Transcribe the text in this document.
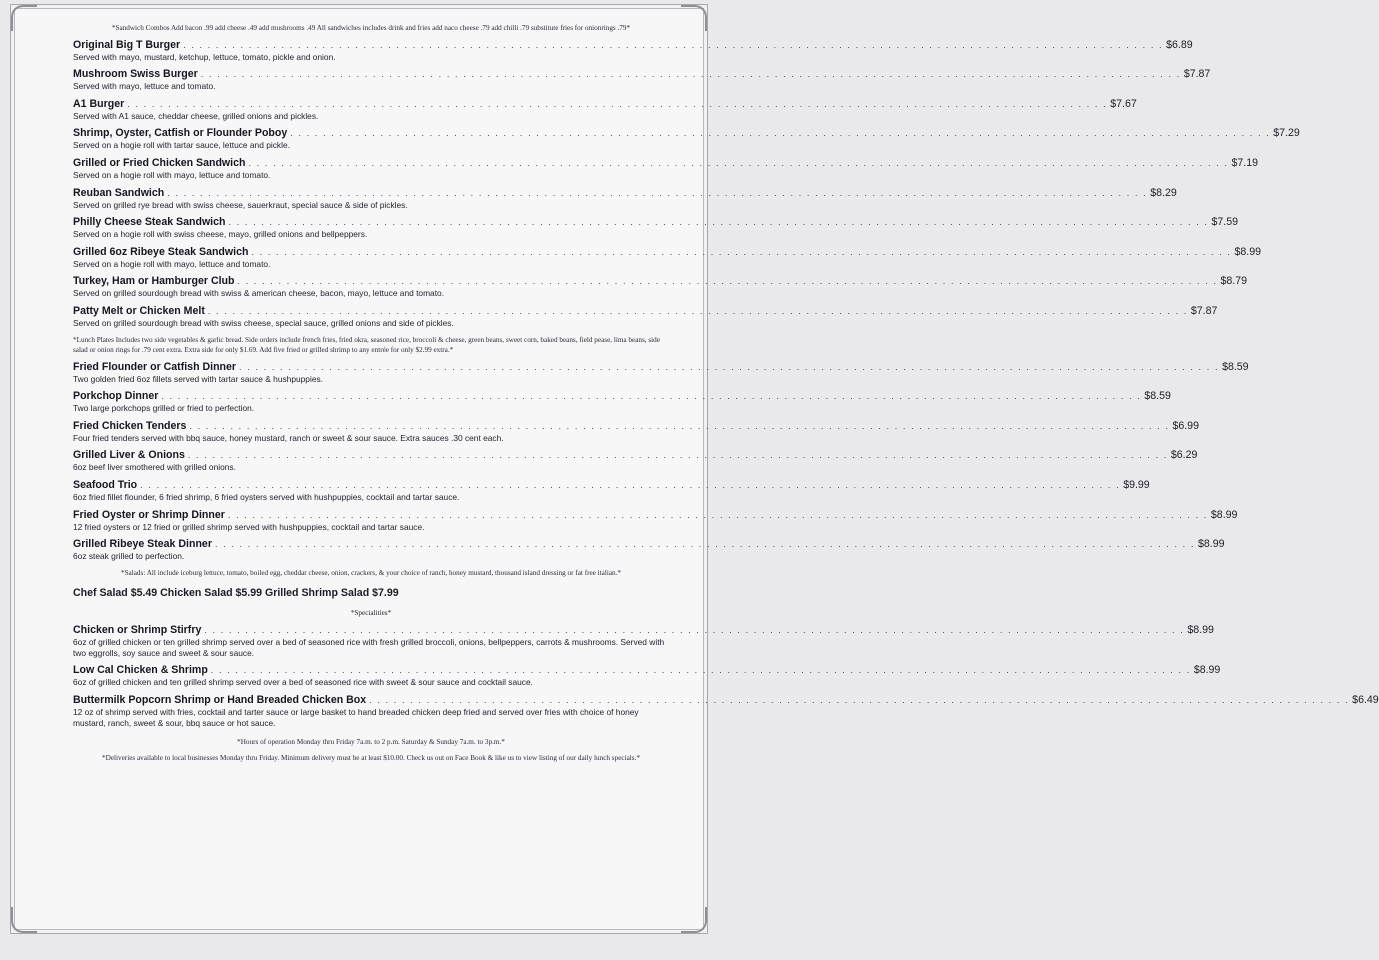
*Sandwich Combos Add bacon .99 add cheese .49 add mushrooms .49 All sandwiches includes drink and fries add naco cheese .79 add chilli .79 substitute fries for onionrings .79*

Original Big T Burger . . . . . . . . . . . . . . . . . . . . . . . . . . . . . . . . . . . . . . . . . . . . . . . . . . . . . . . . . . . . . . . . . . . . . . . . . . . . . . . . . . . . . . . . . . . . . . . . . . . . . . . . . . . . . . . . . . . . . . . . $6.89
Served with mayo, mustard, ketchup, lettuce, tomato, pickle and onion.
Mushroom Swiss Burger . . . . . . . . . . . . . . . . . . . . . . . . . . . . . . . . . . . . . . . . . . . . . . . . . . . . . . . . . . . . . . . . . . . . . . . . . . . . . . . . . . . . . . . . . . . . . . . . . . . . . . . . . . . . . . . . . . . . . . . . $7.87
Served with mayo, lettuce and tomato.
A1 Burger . . . . . . . . . . . . . . . . . . . . . . . . . . . . . . . . . . . . . . . . . . . . . . . . . . . . . . . . . . . . . . . . . . . . . . . . . . . . . . . . . . . . . . . . . . . . . . . . . . . . . . . . . . . . . . . . . . . . . . . . $7.67
Served with A1 sauce, cheddar cheese, grilled onions and pickles.
Shrimp, Oyster, Catfish or Flounder Poboy . . . . . . . . . . . . . . . . . . . . . . . . . . . . . . . . . . . . . . . . . . . . . . . . . . . . . . . . . . . . . . . . . . . . . . . . . . . . . . . . . . . . . . . . . . . . . . . . . . . . . . . . . . . . . . . . . . . . . . . . $7.29
Served on a hogie roll with tartar sauce, lettuce and pickle.
Grilled or Fried Chicken Sandwich . . . . . . . . . . . . . . . . . . . . . . . . . . . . . . . . . . . . . . . . . . . . . . . . . . . . . . . . . . . . . . . . . . . . . . . . . . . . . . . . . . . . . . . . . . . . . . . . . . . . . . . . . . . . . . . . . . . . . . . . $7.19
Served on a hogie roll with mayo, lettuce and tomato.
Reuban Sandwich . . . . . . . . . . . . . . . . . . . . . . . . . . . . . . . . . . . . . . . . . . . . . . . . . . . . . . . . . . . . . . . . . . . . . . . . . . . . . . . . . . . . . . . . . . . . . . . . . . . . . . . . . . . . . . . . . . . . . . . . $8.29
Served on grilled rye bread with swiss cheese, sauerkraut, special sauce & side of pickles.
Philly Cheese Steak Sandwich . . . . . . . . . . . . . . . . . . . . . . . . . . . . . . . . . . . . . . . . . . . . . . . . . . . . . . . . . . . . . . . . . . . . . . . . . . . . . . . . . . . . . . . . . . . . . . . . . . . . . . . . . . . . . . . . . . . . . . . . $7.59
Served on a hogie roll with swiss cheese, mayo, grilled onions and bellpeppers.
Grilled 6oz Ribeye Steak Sandwich . . . . . . . . . . . . . . . . . . . . . . . . . . . . . . . . . . . . . . . . . . . . . . . . . . . . . . . . . . . . . . . . . . . . . . . . . . . . . . . . . . . . . . . . . . . . . . . . . . . . . . . . . . . . . . . . . . . . . . . . $8.99
Served on a hogie roll with mayo, lettuce and tomato.
Turkey, Ham or Hamburger Club . . . . . . . . . . . . . . . . . . . . . . . . . . . . . . . . . . . . . . . . . . . . . . . . . . . . . . . . . . . . . . . . . . . . . . . . . . . . . . . . . . . . . . . . . . . . . . . . . . . . . . . . . . . . . . . . . . . . . . . . $8.79
Served on grilled sourdough bread with swiss & american cheese, bacon, mayo, lettuce and tomato.
Patty Melt or Chicken Melt . . . . . . . . . . . . . . . . . . . . . . . . . . . . . . . . . . . . . . . . . . . . . . . . . . . . . . . . . . . . . . . . . . . . . . . . . . . . . . . . . . . . . . . . . . . . . . . . . . . . . . . . . . . . . . . . . . . . . . . . $7.87
Served on grilled sourdough bread with swiss cheese, special sauce, grilled onions and side of pickles.

*Lunch Plates Includes two side vegetables & garlic bread. Side orders include french fries, fried okra, seasoned rice, broccoli & cheese, green beans, sweet corn, baked beans, field pease, lima beans, side salad or onion rings for .79 cent extra. Extra side for only $1.69. Add five fried or grilled shrimp to any entrée for only $2.99 extra.*

Fried Flounder or Catfish Dinner . . . . . . . . . . . . . . . . . . . . . . . . . . . . . . . . . . . . . . . . . . . . . . . . . . . . . . . . . . . . . . . . . . . . . . . . . . . . . . . . . . . . . . . . . . . . . . . . . . . . . . . . . . . . . . . . . . . . . . . . $8.59
Two golden fried 6oz fillets served with tartar sauce & hushpuppies.
Porkchop Dinner . . . . . . . . . . . . . . . . . . . . . . . . . . . . . . . . . . . . . . . . . . . . . . . . . . . . . . . . . . . . . . . . . . . . . . . . . . . . . . . . . . . . . . . . . . . . . . . . . . . . . . . . . . . . . . . . . . . . . . . . $8.59
Two large porkchops grilled or fried to perfection.
Fried Chicken Tenders . . . . . . . . . . . . . . . . . . . . . . . . . . . . . . . . . . . . . . . . . . . . . . . . . . . . . . . . . . . . . . . . . . . . . . . . . . . . . . . . . . . . . . . . . . . . . . . . . . . . . . . . . . . . . . . . . . . . . . . . $6.99
Four fried tenders served with bbq sauce, honey mustard, ranch or sweet & sour sauce. Extra sauces .30 cent each.
Grilled Liver & Onions . . . . . . . . . . . . . . . . . . . . . . . . . . . . . . . . . . . . . . . . . . . . . . . . . . . . . . . . . . . . . . . . . . . . . . . . . . . . . . . . . . . . . . . . . . . . . . . . . . . . . . . . . . . . . . . . . . . . . . . . $6.29
6oz beef liver smothered with grilled onions.
Seafood Trio . . . . . . . . . . . . . . . . . . . . . . . . . . . . . . . . . . . . . . . . . . . . . . . . . . . . . . . . . . . . . . . . . . . . . . . . . . . . . . . . . . . . . . . . . . . . . . . . . . . . . . . . . . . . . . . . . . . . . . . . $9.99
6oz fried fillet flounder, 6 fried shrimp, 6 fried oysters served with hushpuppies, cocktail and tartar sauce.
Fried Oyster or Shrimp Dinner . . . . . . . . . . . . . . . . . . . . . . . . . . . . . . . . . . . . . . . . . . . . . . . . . . . . . . . . . . . . . . . . . . . . . . . . . . . . . . . . . . . . . . . . . . . . . . . . . . . . . . . . . . . . . . . . . . . . . . . . $8.99
12 fried oysters or 12 fried or grilled shrimp served with hushpuppies, cocktail and tartar sauce.
Grilled Ribeye Steak Dinner . . . . . . . . . . . . . . . . . . . . . . . . . . . . . . . . . . . . . . . . . . . . . . . . . . . . . . . . . . . . . . . . . . . . . . . . . . . . . . . . . . . . . . . . . . . . . . . . . . . . . . . . . . . . . . . . . . . . . . . . $8.99
6oz steak grilled to perfection.

*Salads: All include iceburg lettuce, tomato, boiled egg, cheddar cheese, onion, crackers, & your choice of ranch, honey mustard, thousand island dressing or fat free italian.*

Chef Salad $5.49 Chicken Salad $5.99 Grilled Shrimp Salad $7.99

*Specialities*

Chicken or Shrimp Stirfry . . . . . . . . . . . . . . . . . . . . . . . . . . . . . . . . . . . . . . . . . . . . . . . . . . . . . . . . . . . . . . . . . . . . . . . . . . . . . . . . . . . . . . . . . . . . . . . . . . . . . . . . . . . . . . . . . . . . . . . . $8.99
6oz of grilled chicken or ten grilled shrimp served over a bed of seasoned rice with fresh grilled broccoli, onions, bellpeppers, carrots & mushrooms. Served with two eggrolls, soy sauce and sweet & sour sauce.
Low Cal Chicken & Shrimp . . . . . . . . . . . . . . . . . . . . . . . . . . . . . . . . . . . . . . . . . . . . . . . . . . . . . . . . . . . . . . . . . . . . . . . . . . . . . . . . . . . . . . . . . . . . . . . . . . . . . . . . . . . . . . . . . . . . . . . . $8.99
6oz of grilled chicken and ten grilled shrimp served over a bed of seasoned rice with sweet & sour sauce and cocktail sauce.
Buttermilk Popcorn Shrimp or Hand Breaded Chicken Box . . . . . . . . . . . . . . . . . . . . . . . . . . . . . . . . . . . . . . . . . . . . . . . . . . . . . . . . . . . . . . . . . . . . . . . . . . . . . . . . . . . . . . . . . . . . . . . . . . . . . . . . . . . . . . . . . . . . . . . . $6.49
12 oz of shrimp served with fries, cocktail and tarter sauce or large basket to hand breaded chicken deep fried and served over fries with choice of honey mustard, ranch, sweet & sour, bbq sauce or hot sauce.

*Hours of operation Monday thru Friday 7a.m. to 2 p.m. Saturday & Sunday 7a.m. to 3p.m.*

*Deliveries available to local businesses Monday thru Friday. Minimum delivery must be at least $10.00. Check us out on Face Book & like us to view listing of our daily lunch specials.*
